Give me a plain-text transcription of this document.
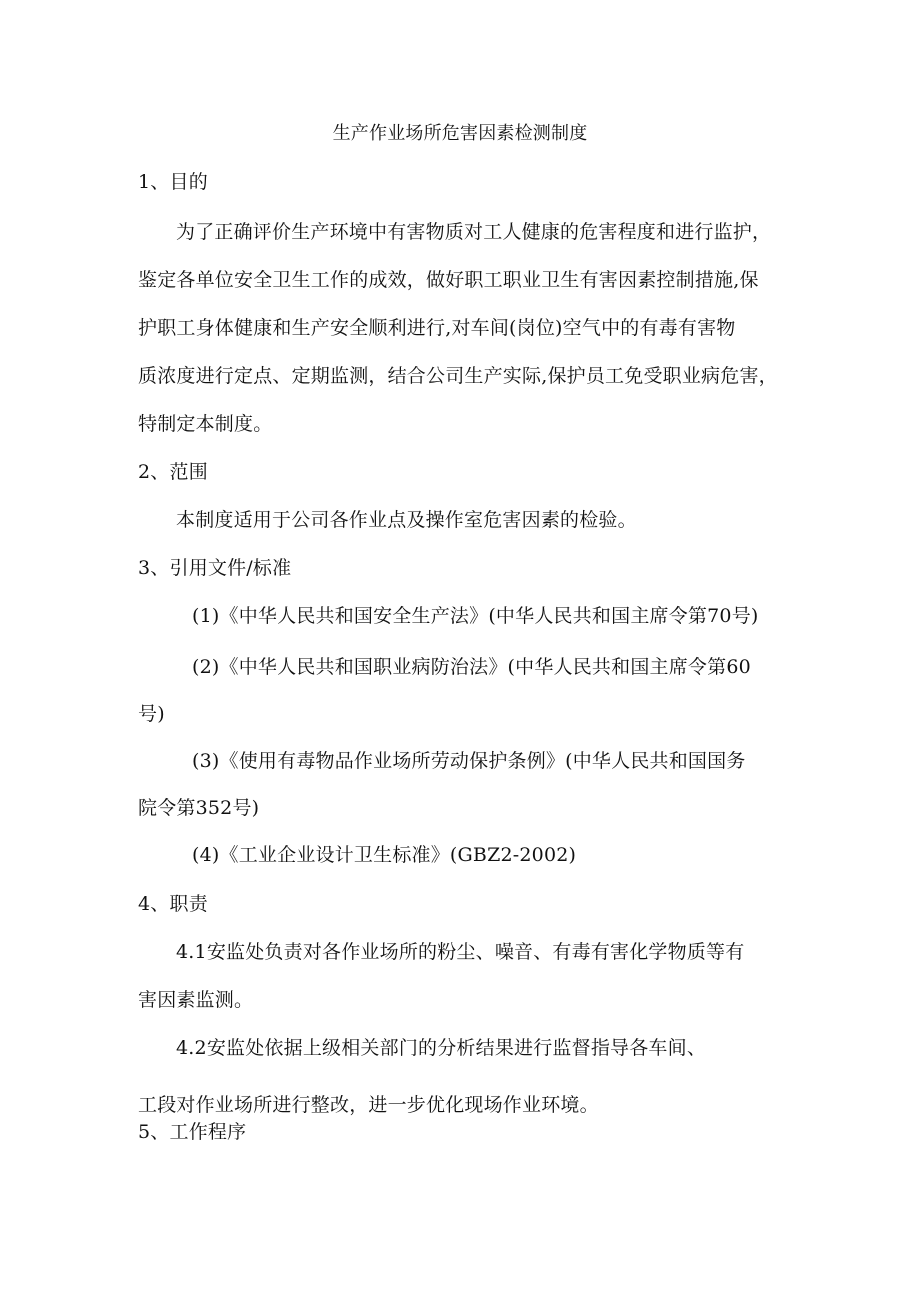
生产作业场所危害因素检测制度
1、目的
为了正确评价生产环境中有害物质对工人健康的危害程度和进行监护，
鉴定各单位安全卫生工作的成效，做好职工职业卫生有害因素控制措施,保
护职工身体健康和生产安全顺利进行,对车间(岗位)空气中的有毒有害物
质浓度进行定点、定期监测，结合公司生产实际,保护员工免受职业病危害，
特制定本制度。
2、范围
本制度适用于公司各作业点及操作室危害因素的检验。
3、引用文件/标准
(1)《中华人民共和国安全生产法》(中华人民共和国主席令第70号)
(2)《中华人民共和国职业病防治法》(中华人民共和国主席令第60
号)
(3)《使用有毒物品作业场所劳动保护条例》(中华人民共和国国务
院令第352号)
(4)《工业企业设计卫生标准》(GBZ2-2002)
4、职责
4.1安监处负责对各作业场所的粉尘、噪音、有毒有害化学物质等有
害因素监测。
4.2安监处依据上级相关部门的分析结果进行监督指导各车间、
工段对作业场所进行整改，进一步优化现场作业环境。
5、工作程序
